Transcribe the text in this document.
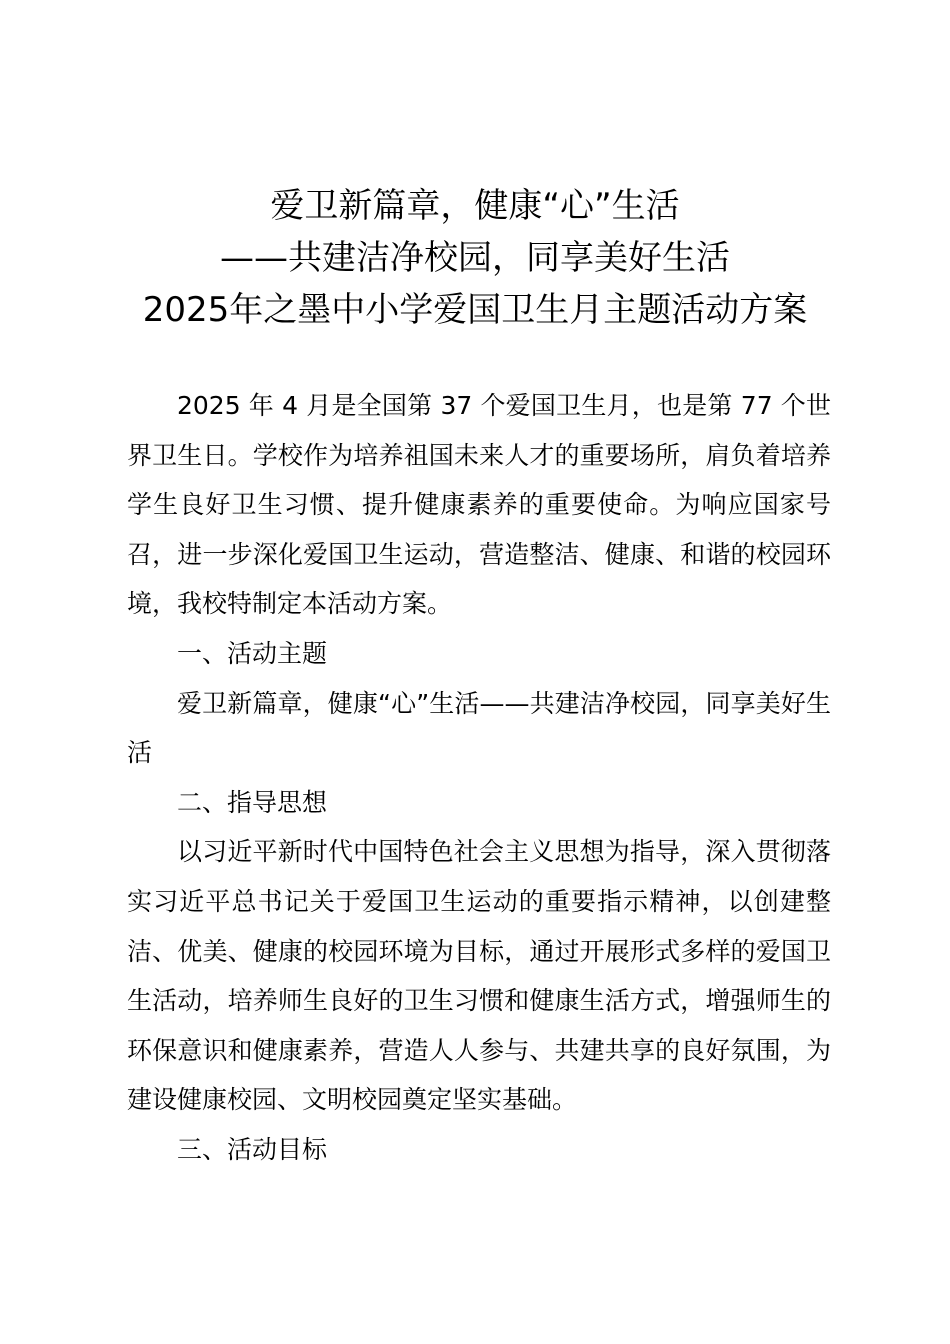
爱卫新篇章，健康“心”生活
——共建洁净校园，同享美好生活
2025年之墨中小学爱国卫生月主题活动方案

2025 年 4 月是全国第 37 个爱国卫生月，也是第 77 个世界卫生日。学校作为培养祖国未来人才的重要场所，肩负着培养学生良好卫生习惯、提升健康素养的重要使命。为响应国家号召，进一步深化爱国卫生运动，营造整洁、健康、和谐的校园环境，我校特制定本活动方案。

一、活动主题

爱卫新篇章，健康“心”生活——共建洁净校园，同享美好生活

二、指导思想

以习近平新时代中国特色社会主义思想为指导，深入贯彻落实习近平总书记关于爱国卫生运动的重要指示精神，以创建整洁、优美、健康的校园环境为目标，通过开展形式多样的爱国卫生活动，培养师生良好的卫生习惯和健康生活方式，增强师生的环保意识和健康素养，营造人人参与、共建共享的良好氛围，为建设健康校园、文明校园奠定坚实基础。

三、活动目标
